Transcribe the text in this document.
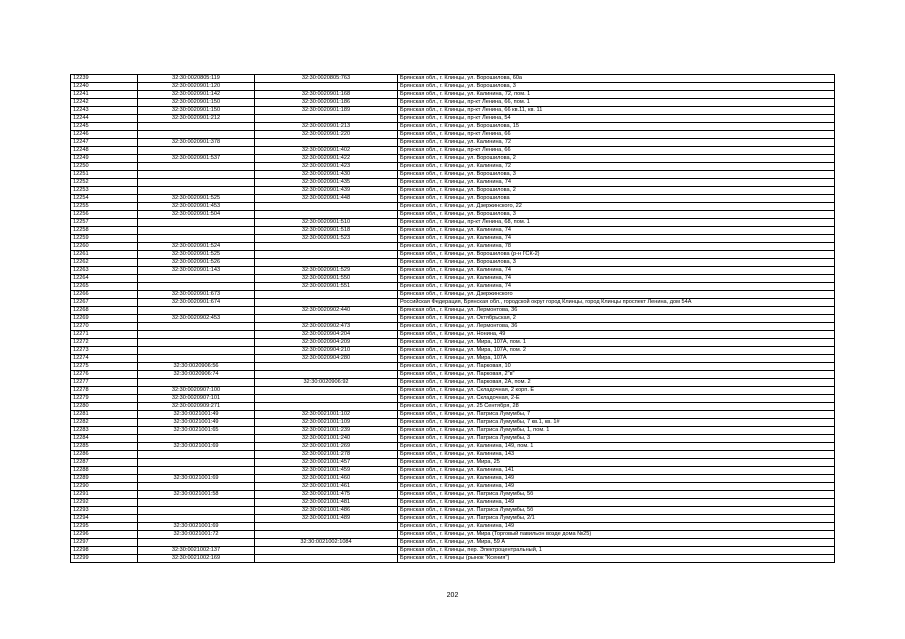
12239	32:30:0020805:119	32:30:0020805:763	Брянская обл., г. Клинцы, ул. Ворошилова, 60а
12240	32:30:0020901:120		Брянская обл., г. Клинцы, ул. Ворошилова, 3
12241	32:30:0020901:142	32:30:0020901:168	Брянская обл., г. Клинцы, ул. Калинина, 72, пом. 1
12242	32:30:0020901:150	32:30:0020901:186	Брянская обл., г. Клинцы, пр-кт Ленина, 66, пом. 1
12243	32:30:0020901:150	32:30:0020901:189	Брянская обл., г. Клинцы, пр-кт Ленина, 66 кв.11, кв. 11
12244	32:30:0020901:212		Брянская обл., г. Клинцы, пр-кт Ленина, 54
12245		32:30:0020901:213	Брянская обл., г. Клинцы, ул. Ворошилова, 15
12246		32:30:0020901:220	Брянская обл., г. Клинцы, пр-кт Ленина, 66
12247	32:30:0020901:378		Брянская обл., г. Клинцы, ул. Калинина, 72
12248		32:30:0020901:402	Брянская обл., г. Клинцы, пр-кт Ленина, 66
12249	32:30:0020901:537	32:30:0020901:422	Брянская обл., г. Клинцы, ул. Ворошилова, 2
12250		32:30:0020901:423	Брянская обл., г. Клинцы, ул. Калинина, 72
12251		32:30:0020901:430	Брянская обл., г. Клинцы, ул. Ворошилова, 3
12252		32:30:0020901:435	Брянская обл., г. Клинцы, ул. Калинина, 74
12253		32:30:0020901:439	Брянская обл., г. Клинцы, ул. Ворошилова, 2
12254	32:30:0020901:525	32:30:0020901:448	Брянская обл., г. Клинцы, ул. Ворошилова
12255	32:30:0020901:453		Брянская обл., г. Клинцы, ул. Дзержинского, 22
12256	32:30:0020901:504		Брянская обл., г. Клинцы, ул. Ворошилова, 3
12257		32:30:0020901:510	Брянская обл., г. Клинцы, пр-кт Ленина, 68, пом. 1
12258		32:30:0020901:518	Брянская обл., г. Клинцы, ул. Калинина, 74
12259		32:30:0020901:523	Брянская обл., г. Клинцы, ул. Калинина, 74
12260	32:30:0020901:524		Брянская обл., г. Клинцы, ул. Калинина, 78
12261	32:30:0020901:525		Брянская обл., г. Клинцы, ул. Ворошилова (р-н ГСК-2)
12262	32:30:0020901:526		Брянская обл., г. Клинцы, ул. Ворошилова, 3
12263	32:30:0020901:143	32:30:0020901:529	Брянская обл., г. Клинцы, ул. Калинина, 74
12264		32:30:0020901:550	Брянская обл., г. Клинцы, ул. Калинина, 74
12265		32:30:0020901:551	Брянская обл., г. Клинцы, ул. Калинина, 74
12266	32:30:0020901:673		Брянская обл., г. Клинцы, ул. Дзержинского
12267	32:30:0020901:674		Российская Федерация, Брянская обл., городской округ город Клинцы, город Клинцы проспект Ленина, дом 54А
12268		32:30:0020902:440	Брянская обл., г. Клинцы, ул. Лермонтова, 36
12269	32:30:0020902:453		Брянская обл., г. Клинцы, ул. Октябрьская, 2
12270		32:30:0020902:473	Брянская обл., г. Клинцы, ул. Лермонтова, 36
12271		32:30:0020904:204	Брянская обл., г. Клинцы, ул. Нонина, 49
12272		32:30:0020904:209	Брянская обл., г. Клинцы, ул. Мира, 107А, пом. 1
12273		32:30:0020904:210	Брянская обл., г. Клинцы, ул. Мира, 107А, пом. 2
12274		32:30:0020904:280	Брянская обл., г. Клинцы, ул. Мира, 107А
12275	32:30:0020906:56		Брянская обл., г. Клинцы, ул. Парковая, 10
12276	32:30:0020906:74		Брянская обл., г. Клинцы, ул. Парковая, 2"в"
12277		32:30:0020906:92	Брянская обл., г. Клинцы, ул. Парковая, 2А, пом. 2
12278	32:30:0020907:100		Брянская обл., г. Клинцы, ул. Складочная, 2 корп. Е
12279	32:30:0020907:101		Брянская обл., г. Клинцы, ул. Складочная, 2-Е
12280	32:30:0020909:271		Брянская обл., г. Клинцы, ул. 25 Сентября, 28
12281	32:30:0021001:49	32:30:0021001:102	Брянская обл., г. Клинцы, ул. Патриса Лумумбы, 7
12282	32:30:0021001:49	32:30:0021001:109	Брянская обл., г. Клинцы, ул. Патриса Лумумбы, 7 кв.1, кв. 1#
12283	32:30:0021001:65	32:30:0021001:239	Брянская обл., г. Клинцы, ул. Патриса Лумумбы, 1, пом. 1
12284		32:30:0021001:240	Брянская обл., г. Клинцы, ул. Патриса Лумумбы, 3
12285	32:30:0021001:69	32:30:0021001:269	Брянская обл., г. Клинцы, ул. Калинина, 149, пом. 1
12286		32:30:0021001:278	Брянская обл., г. Клинцы, ул. Калинина, 143
12287		32:30:0021001:457	Брянская обл., г. Клинцы, ул. Мира, 25
12288		32:30:0021001:459	Брянская обл., г. Клинцы, ул. Калинина, 141
12289	32:30:0021001:69	32:30:0021001:460	Брянская обл., г. Клинцы, ул. Калинина, 149
12290		32:30:0021001:461	Брянская обл., г. Клинцы, ул. Калинина, 149
12291	32:30:0021001:58	32:30:0021001:475	Брянская обл., г. Клинцы, ул. Патриса Лумумбы, 5б
12292		32:30:0021001:481	Брянская обл., г. Клинцы, ул. Калинина, 149
12293		32:30:0021001:486	Брянская обл., г. Клинцы, ул. Патриса Лумумбы, 5б
12294		32:30:0021001:489	Брянская обл., г. Клинцы, ул. Патриса Лумумбы, 2/1
12295	32:30:0021001:69		Брянская обл., г. Клинцы, ул. Калинина, 149
12296	32:30:0021001:72		Брянская обл., г. Клинцы, ул. Мира (Торговый павильон возде дома №25)
12297		32:30:0021002:1084	Брянская обл., г. Клинцы, ул. Мира, 59 А
12298	32:30:0021002:137		Брянская обл., г. Клинцы, пер. Электроцентральный, 1
12299	32:30:0021002:169		Брянская обл., г. Клинцы (рынок "Ксения")
202
